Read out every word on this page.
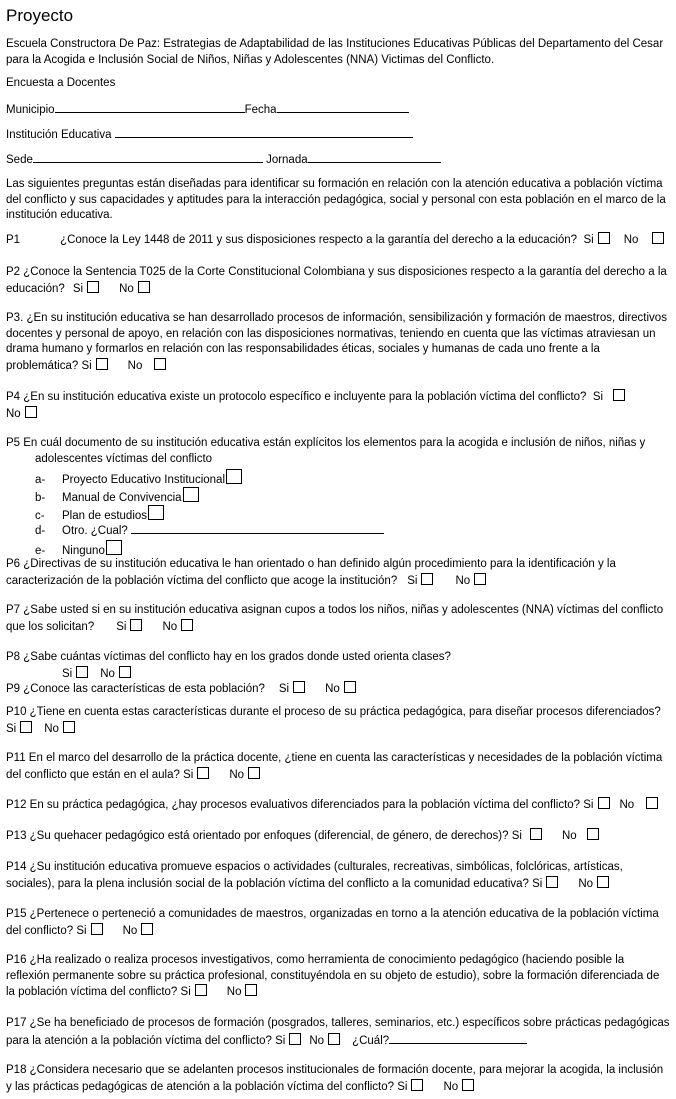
Proyecto
Escuela Constructora De Paz: Estrategias de Adaptabilidad de las Instituciones Educativas Públicas del Departamento del Cesar para la Acogida e Inclusión Social de Niños, Niñas y Adolescentes (NNA) Victimas del Conflicto.
Encuesta a Docentes
Municipio	Fecha
Institución Educativa
Sede	Jornada
Las siguientes preguntas están diseñadas para identificar su formación en relación con la atención educativa a población víctima del conflicto y sus capacidades y aptitudes para la interacción pedagógica, social y personal con esta población en el marco de la institución educativa.
P1	¿Conoce la Ley 1448 de 2011 y sus disposiciones respecto a la garantía del derecho a la educación? Si	No
P2 ¿Conoce la Sentencia T025 de la Corte Constitucional Colombiana y sus disposiciones respecto a la garantía del derecho a la educación? Si	No
P3. ¿En su institución educativa se han desarrollado procesos de información, sensibilización y formación de maestros, directivos docentes y personal de apoyo, en relación con las disposiciones normativas, teniendo en cuenta que las víctimas atraviesan un drama humano y formarlos en relación con las responsabilidades éticas, sociales y humanas de cada uno frente a la problemática? Si	No
P4 ¿En su institución educativa existe un protocolo específico e incluyente para la población víctima del conflicto? Si
No
P5 En cuál documento de su institución educativa están explícitos los elementos para la acogida e inclusión de niños, niñas y
adolescentes víctimas del conflicto
a- Proyecto Educativo Institucional
b- Manual de Convivencia
c- Plan de estudios
d- Otro. ¿Cual?
e- Ninguno
P6 ¿Directivas de su institución educativa le han orientado o han definido algún procedimiento para la identificación y la caracterización de la población víctima del conflicto que acoge la institución? Si	No
P7 ¿Sabe usted si en su institución educativa asignan cupos a todos los niños, niñas y adolescentes (NNA) víctimas del conflicto que los solicitan? Si	No
P8 ¿Sabe cuántas víctimas del conflicto hay en los grados donde usted orienta clases?
Si No
P9 ¿Conoce las características de esta población? Si	No
P10 ¿Tiene en cuenta estas características durante el proceso de su práctica pedagógica, para diseñar procesos diferenciados?
Si No
P11 En el marco del desarrollo de la práctica docente, ¿tiene en cuenta las características y necesidades de la población víctima del conflicto que están en el aula? Si	No
P12 En su práctica pedagógica, ¿hay procesos evaluativos diferenciados para la población víctima del conflicto? Si No
P13 ¿Su quehacer pedagógico está orientado por enfoques (diferencial, de género, de derechos)? Si	No
P14 ¿Su institución educativa promueve espacios o actividades (culturales, recreativas, simbólicas, folclóricas, artísticas, sociales), para la plena inclusión social de la población víctima del conflicto a la comunidad educativa? Si	No
P15 ¿Pertenece o perteneció a comunidades de maestros, organizadas en torno a la atención educativa de la población víctima del conflicto? Si	No
P16 ¿Ha realizado o realiza procesos investigativos, como herramienta de conocimiento pedagógico (haciendo posible la reflexión permanente sobre su práctica profesional, constituyéndola en su objeto de estudio), sobre la formación diferenciada de la población víctima del conflicto? Si	No
P17 ¿Se ha beneficiado de procesos de formación (posgrados, talleres, seminarios, etc.) específicos sobre prácticas pedagógicas para la atención a la población víctima del conflicto? Si No ¿Cuál?
P18 ¿Considera necesario que se adelanten procesos institucionales de formación docente, para mejorar la acogida, la inclusión y las prácticas pedagógicas de atención a la población víctima del conflicto? Si	No
